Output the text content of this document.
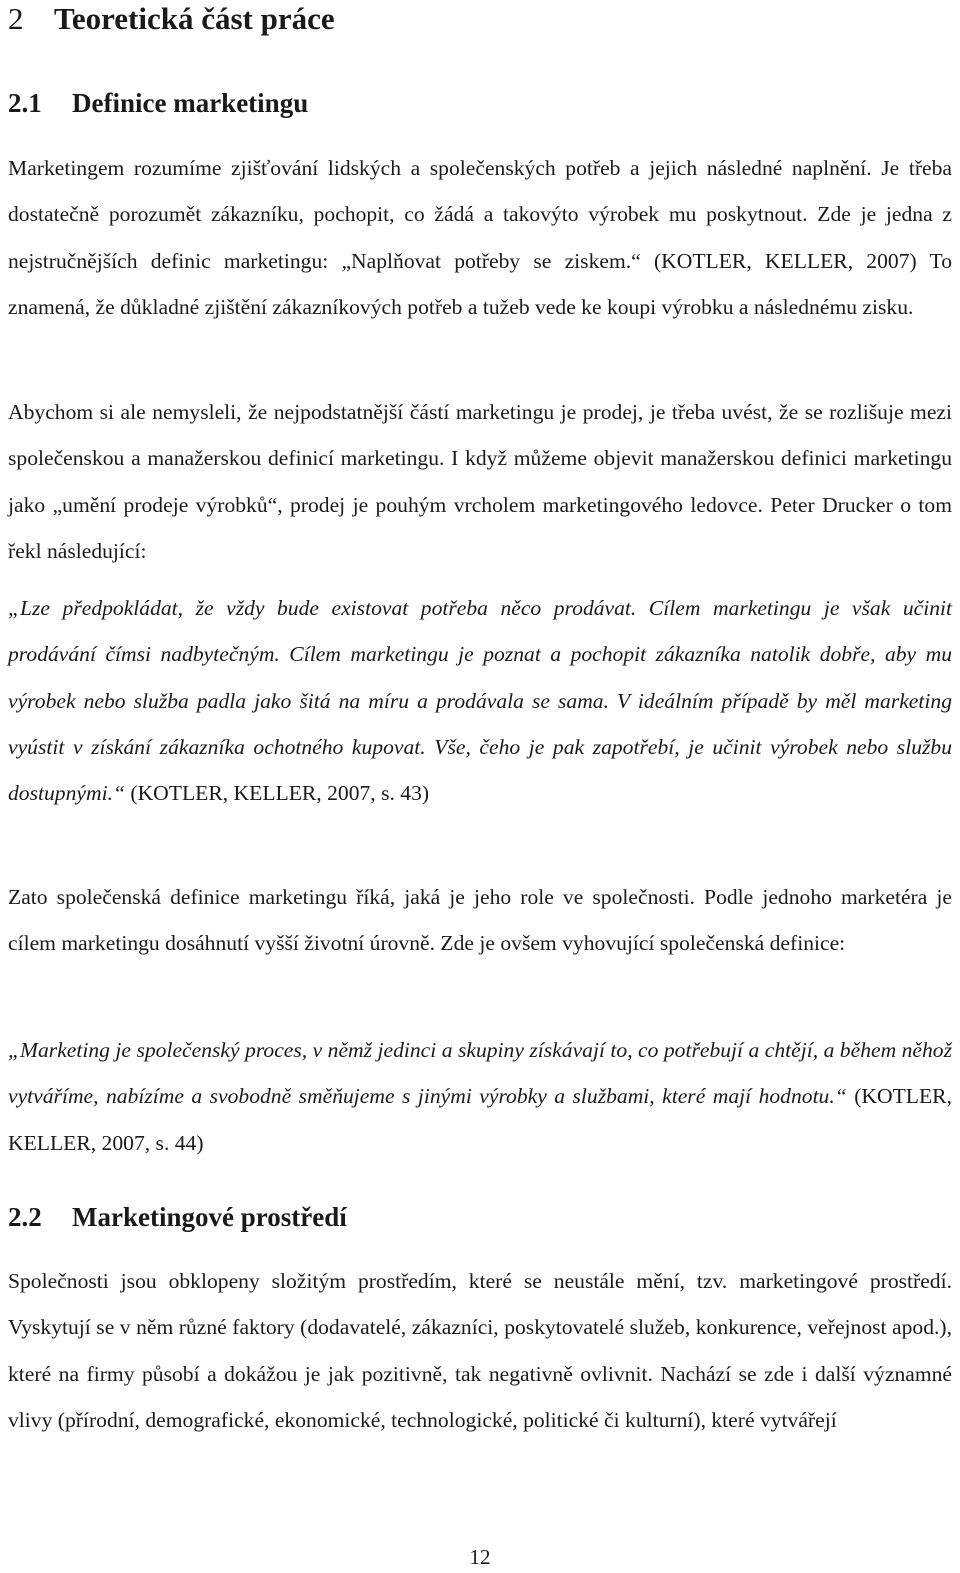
2 Teoretická část práce
2.1 Definice marketingu

Marketingem rozumíme zjišťování lidských a společenských potřeb a jejich následné naplnění. Je třeba dostatečně porozumět zákazníku, pochopit, co žádá a takovýto výrobek mu poskytnout. Zde je jedna z nejstručnějších definic marketingu: „Naplňovat potřeby se ziskem.“ (KOTLER, KELLER, 2007) To znamená, že důkladné zjištění zákazníkových potřeb a tužeb vede ke koupi výrobku a následnému zisku.

Abychom si ale nemysleli, že nejpodstatnější částí marketingu je prodej, je třeba uvést, že se rozlišuje mezi společenskou a manažerskou definicí marketingu. I když můžeme objevit manažerskou definici marketingu jako „umění prodeje výrobků“, prodej je pouhým vrcholem marketingového ledovce. Peter Drucker o tom řekl následující:

„Lze předpokládat, že vždy bude existovat potřeba něco prodávat. Cílem marketingu je však učinit prodávání čímsi nadbytečným. Cílem marketingu je poznat a pochopit zákazníka natolik dobře, aby mu výrobek nebo služba padla jako šitá na míru a prodávala se sama. V ideálním případě by měl marketing vyústit v získání zákazníka ochotného kupovat. Vše, čeho je pak zapotřebí, je učinit výrobek nebo službu dostupnými.“ (KOTLER, KELLER, 2007, s. 43)

Zato společenská definice marketingu říká, jaká je jeho role ve společnosti. Podle jednoho marketéra je cílem marketingu dosáhnutí vyšší životní úrovně. Zde je ovšem vyhovující společenská definice:

„Marketing je společenský proces, v němž jedinci a skupiny získávají to, co potřebují a chtějí, a během něhož vytváříme, nabízíme a svobodně směňujeme s jinými výrobky a službami, které mají hodnotu.“ (KOTLER, KELLER, 2007, s. 44)

2.2 Marketingové prostředí

Společnosti jsou obklopeny složitým prostředím, které se neustále mění, tzv. marketingové prostředí. Vyskytují se v něm různé faktory (dodavatelé, zákazníci, poskytovatelé služeb, konkurence, veřejnost apod.), které na firmy působí a dokážou je jak pozitivně, tak negativně ovlivnit. Nachází se zde i další významné vlivy (přírodní, demografické, ekonomické, technologické, politické či kulturní), které vytvářejí

12
